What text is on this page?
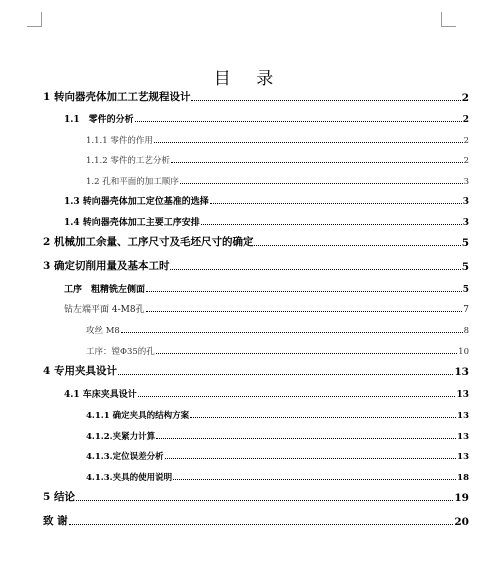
目 录
1 转向器壳体加工工艺规程设计	2
1.1　零件的分析	2
1.1.1 零件的作用	2
1.1.2 零件的工艺分析	2
1.2 孔和平面的加工顺序	3
1.3 转向器壳体加工定位基准的选择	3
1.4 转向器壳体加工主要工序安排	3
2 机械加工余量、工序尺寸及毛坯尺寸的确定	5
3 确定切削用量及基本工时	5
工序　粗精铣左侧面	5
钻左端平面 4-M8孔	7
攻丝 M8	8
工序：镗Φ35的孔	10
4 专用夹具设计	13
4.1 车床夹具设计	13
4.1.1 确定夹具的结构方案	13
4.1.2.夹紧力计算	13
4.1.3.定位误差分析	13
4.1.3.夹具的使用说明	18
5 结论	19
致 谢	20
